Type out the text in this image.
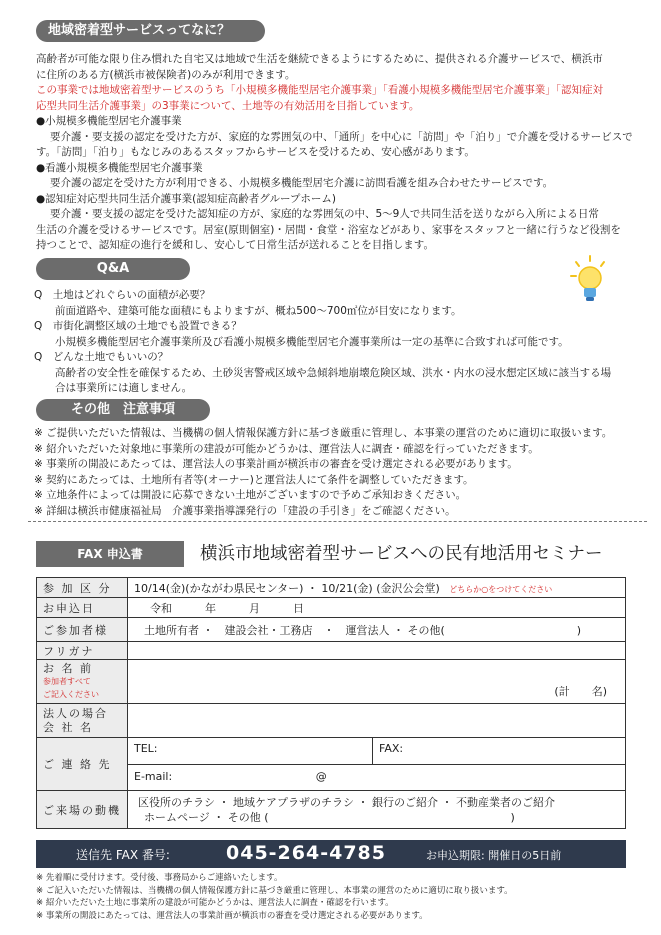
地域密着型サービスってなに？

高齢者が可能な限り住み慣れた自宅又は地域で生活を継続できるようにするために、提供される介護サービスで、横浜市

に住所のある方(横浜市被保険者)のみが利用できます。

この事業では地域密着型サービスのうち「小規模多機能型居宅介護事業」「看護小規模多機能型居宅介護事業」「認知症対

応型共同生活介護事業」の3事業について、土地等の有効活用を目指しています。

●小規模多機能型居宅介護事業

要介護・要支援の認定を受けた方が、家庭的な雰囲気の中、「通所」を中心に「訪問」や「泊り」で介護を受けるサービスで

す。「訪問」「泊り」もなじみのあるスタッフからサービスを受けるため、安心感があります。

●看護小規模多機能型居宅介護事業

要介護の認定を受けた方が利用できる、小規模多機能型居宅介護に訪問看護を組み合わせたサービスです。

●認知症対応型共同生活介護事業(認知症高齢者グループホーム)

要介護・要支援の認定を受けた認知症の方が、家庭的な雰囲気の中、5～9人で共同生活を送りながら入所による日常

生活の介護を受けるサービスです。居室(原則個室)・居間・食堂・浴室などがあり、家事をスタッフと一緒に行うなど役割を

持つことで、認知症の進行を緩和し、安心して日常生活が送れることを目指します。

Q&A

Q　土地はどれぐらいの面積が必要？

　　前面道路や、建築可能な面積にもよりますが、概ね500～700㎡位が目安になります。

Q　市街化調整区域の土地でも設置できる？

　　小規模多機能型居宅介護事業所及び看護小規模多機能型居宅介護事業所は一定の基準に合致すれば可能です。

Q　どんな土地でもいいの？

　　高齢者の安全性を確保するため、土砂災害警戒区域や急傾斜地崩壊危険区域、洪水・内水の浸水想定区域に該当する場

　　合は事業所には適しません。

その他　注意事項

※ ご提供いただいた情報は、当機構の個人情報保護方針に基づき厳重に管理し、本事業の運営のために適切に取扱います。

※ 紹介いただいた対象地に事業所の建設が可能かどうかは、運営法人に調査・確認を行っていただきます。

※ 事業所の開設にあたっては、運営法人の事業計画が横浜市の審査を受け選定される必要があります。

※ 契約にあたっては、土地所有者等(オーナー)と運営法人にて条件を調整していただきます。

※ 立地条件によっては開設に応募できない土地がございますので予めご承知おきください。

※ 詳細は横浜市健康福祉局　介護事業指導課発行の「建設の手引き」をご確認ください。

FAX 申込書	横浜市地域密着型サービスへの民有地活用セミナー
参 加 区 分	10/14(金)(かながわ県民センター) ・ 10/21(金) (金沢公会堂) どちらか○をつけてください
お申込日	令和　　　年　　　月　　　日
ご参加者様	土地所有者 ・　建設会社・工務店　・　運営法人 ・ その他(　　　　　　　　　　　　)
フリガナ	

お 名 前
参加者すべて
ご記入ください	(計　　名)

法人の場合
会 社 名	

ご 連 絡 先	TEL: FAX:
E-mail: @

ご来場の動機	区役所のチラシ ・ 地域ケアプラザのチラシ ・ 銀行のご紹介 ・ 不動産業者のご紹介
ホームページ ・ その他 (　　　　　　　　　　　　　　　　　　　　　　)
送信先 FAX 番号:	045-264-4785	お申込期限: 開催日の5日前

※ 先着順に受付けます。受付後、事務局からご連絡いたします。

※ ご記入いただいた情報は、当機構の個人情報保護方針に基づき厳重に管理し、本事業の運営のために適切に取り扱います。

※ 紹介いただいた土地に事業所の建設が可能かどうかは、運営法人に調査・確認を行います。

※ 事業所の開設にあたっては、運営法人の事業計画が横浜市の審査を受け選定される必要があります。
